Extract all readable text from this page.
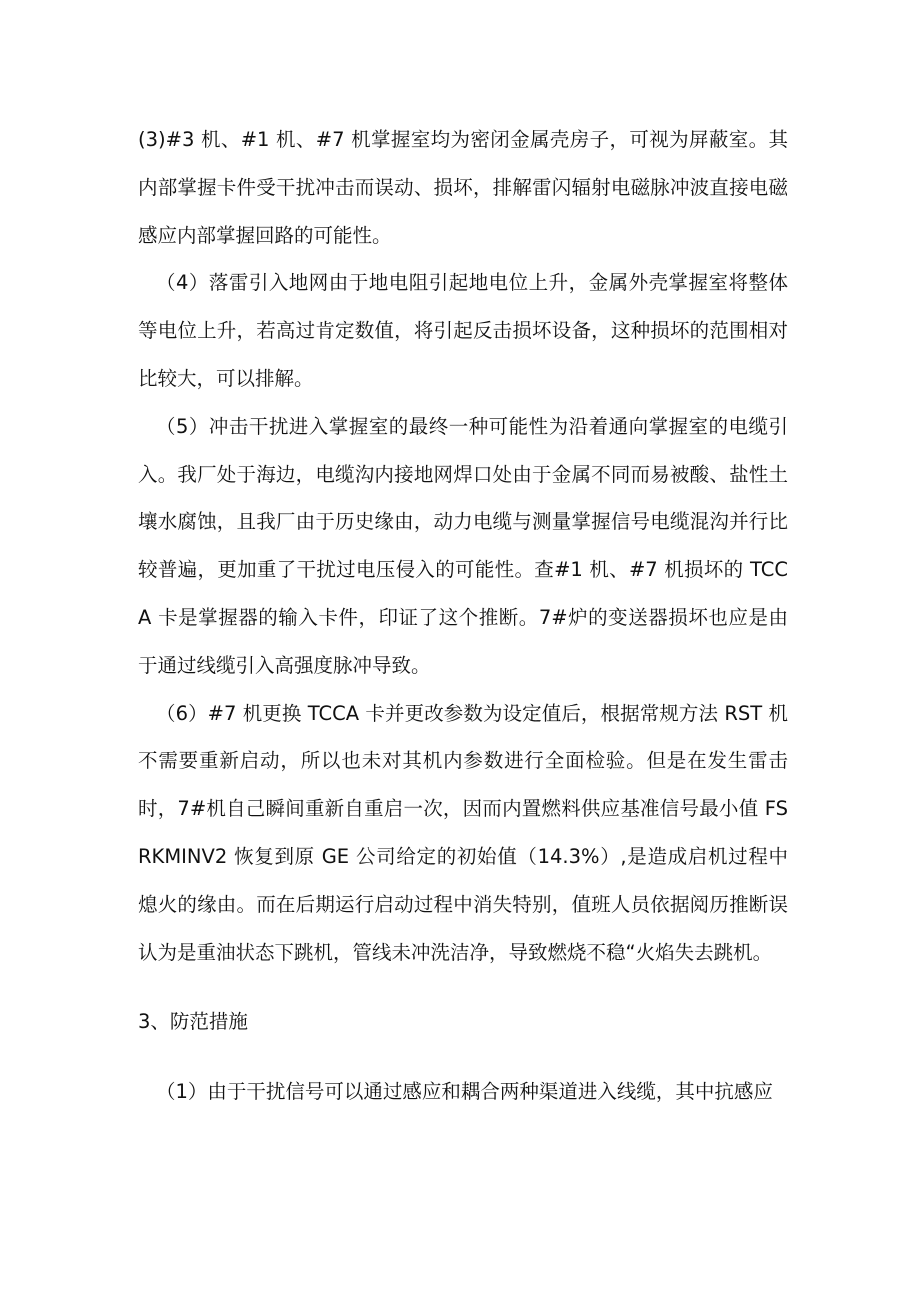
(3)#3 机、#1 机、#7 机掌握室均为密闭金属壳房子，可视为屏蔽室。其内部掌握卡件受干扰冲击而误动、损坏，排解雷闪辐射电磁脉冲波直接电磁感应内部掌握回路的可能性。

（4）落雷引入地网由于地电阻引起地电位上升，金属外壳掌握室将整体等电位上升，若高过肯定数值，将引起反击损坏设备，这种损坏的范围相对比较大，可以排解。

（5）冲击干扰进入掌握室的最终一种可能性为沿着通向掌握室的电缆引入。我厂处于海边，电缆沟内接地网焊口处由于金属不同而易被酸、盐性土壤水腐蚀，且我厂由于历史缘由，动力电缆与测量掌握信号电缆混沟并行比较普遍，更加重了干扰过电压侵入的可能性。查#1 机、#7 机损坏的 TCCA 卡是掌握器的输入卡件，印证了这个推断。7#炉的变送器损坏也应是由于通过线缆引入高强度脉冲导致。

（6）#7 机更换 TCCA 卡并更改参数为设定值后，根据常规方法 RST 机不需要重新启动，所以也未对其机内参数进行全面检验。但是在发生雷击时，7#机自己瞬间重新自重启一次，因而内置燃料供应基准信号最小值 FSRKMINV2 恢复到原 GE 公司给定的初始值（14.3%）,是造成启机过程中熄火的缘由。而在后期运行启动过程中消失特别，值班人员依据阅历推断误认为是重油状态下跳机，管线未冲洗洁净，导致燃烧不稳“火焰失去跳机。

3、防范措施

（1）由于干扰信号可以通过感应和耦合两种渠道进入线缆，其中抗感应
